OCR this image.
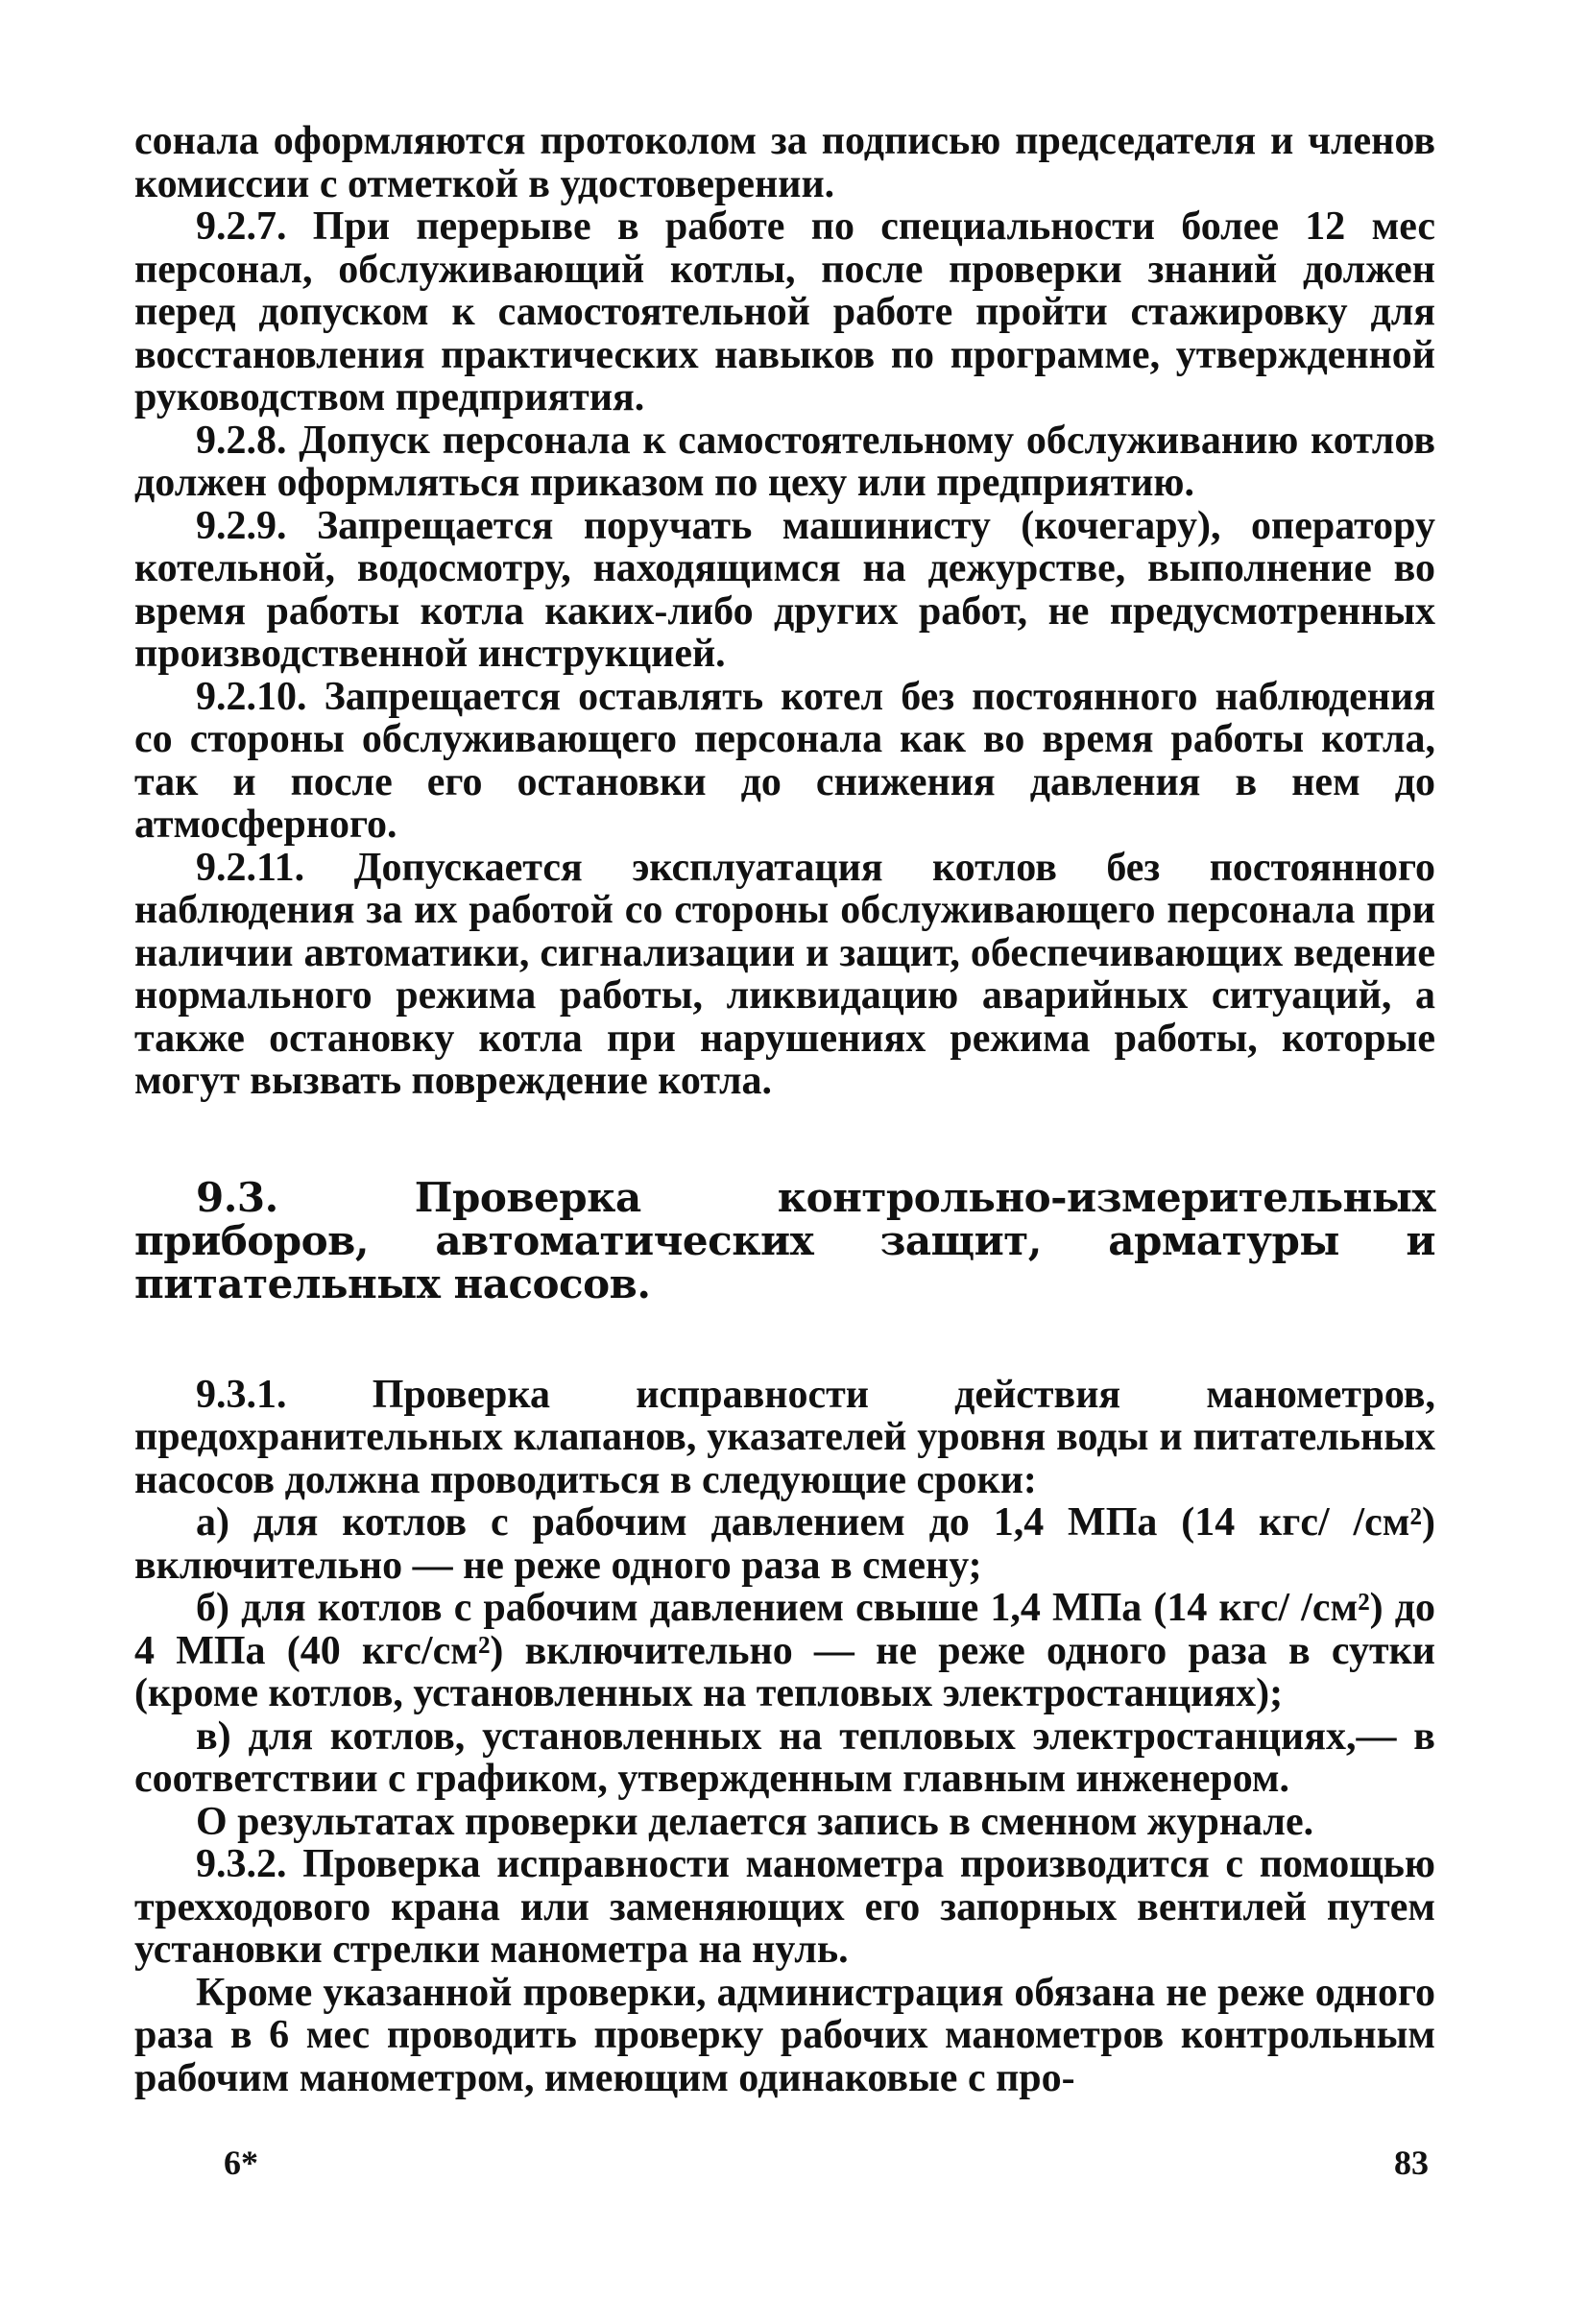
сонала оформляются протоколом за подписью председателя и членов комиссии с отметкой в удостоверении.

9.2.7. При перерыве в работе по специальности более 12 мес персонал, обслуживающий котлы, после проверки знаний должен перед допуском к самостоятельной работе пройти стажировку для восстановления практических навыков по программе, утвержденной руководством предприятия.

9.2.8. Допуск персонала к самостоятельному обслуживанию котлов должен оформляться приказом по цеху или предприятию.

9.2.9. Запрещается поручать машинисту (кочегару), оператору котельной, водосмотру, находящимся на дежурстве, выполнение во время работы котла каких-либо других работ, не предусмотренных производственной инструкцией.

9.2.10. Запрещается оставлять котел без постоянного наблюдения со стороны обслуживающего персонала как во время работы котла, так и после его остановки до снижения давления в нем до атмосферного.

9.2.11. Допускается эксплуатация котлов без постоянного наблюдения за их работой со стороны обслуживающего персонала при наличии автоматики, сигнализации и защит, обеспечивающих ведение нормального режима работы, ликвидацию аварийных ситуаций, а также остановку котла при нарушениях режима работы, которые могут вызвать повреждение котла.

9.3. Проверка контрольно-измерительных приборов, автоматических защит, арматуры и питательных насосов.

9.3.1. Проверка исправности действия манометров, предохранительных клапанов, указателей уровня воды и питательных насосов должна проводиться в следующие сроки:

а) для котлов с рабочим давлением до 1,4 МПа (14 кгс/ /см²) включительно — не реже одного раза в смену;

б) для котлов с рабочим давлением свыше 1,4 МПа (14 кгс/ /см²) до 4 МПа (40 кгс/см²) включительно — не реже одного раза в сутки (кроме котлов, установленных на тепловых электростанциях);

в) для котлов, установленных на тепловых электростанциях,— в соответствии с графиком, утвержденным главным инженером.

О результатах проверки делается запись в сменном журнале.

9.3.2. Проверка исправности манометра производится с помощью трехходового крана или заменяющих его запорных вентилей путем установки стрелки манометра на нуль.

Кроме указанной проверки, администрация обязана не реже одного раза в 6 мес проводить проверку рабочих манометров контрольным рабочим манометром, имеющим одинаковые с про-

6*	83
